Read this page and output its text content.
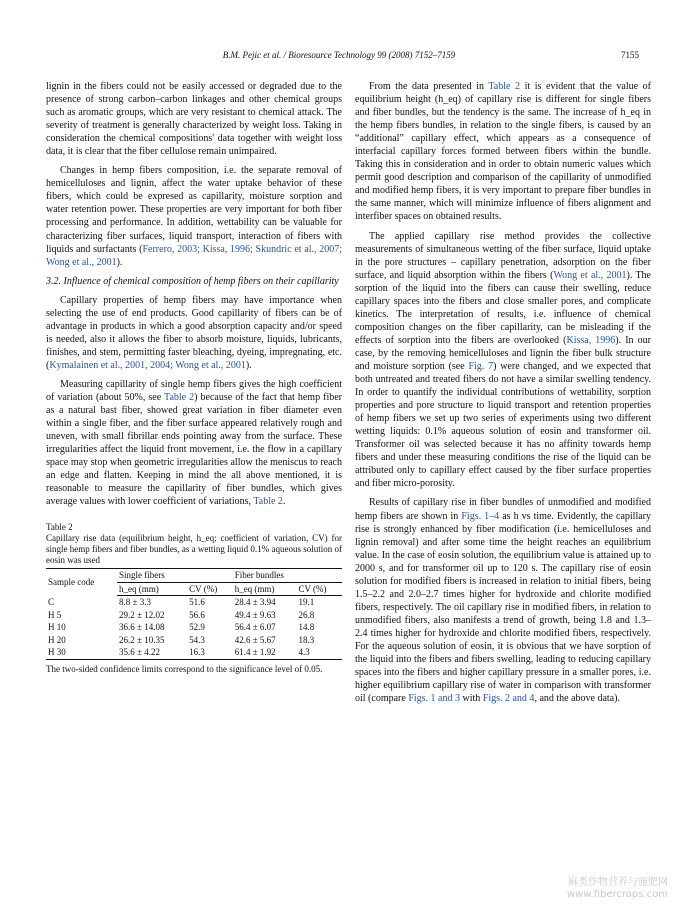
B.M. Pejic et al. / Bioresource Technology 99 (2008) 7152–7159	7155

lignin in the fibers could not be easily accessed or degraded due to the presence of strong carbon–carbon linkages and other chemical groups such as aromatic groups, which are very resistant to chemical attack. The severity of treatment is generally characterized by weight loss. Taking in consideration the chemical compositions' data together with weight loss data, it is clear that the fiber cellulose remain unimpaired.

Changes in hemp fibers composition, i.e. the separate removal of hemicelluloses and lignin, affect the water uptake behavior of these fibers, which could be expresed as capillarity, moisture sorption and water retention power. These properties are very important for both fiber processing and performance. In addition, wettability can be valuable for characterizing fiber surfaces, liquid transport, interaction of fibers with liquids and surfactants (Ferrero, 2003; Kissa, 1996; Skundric et al., 2007; Wong et al., 2001).

3.2. Influence of chemical composition of hemp fibers on their capillarity

Capillary properties of hemp fibers may have importance when selecting the use of end products. Good capillarity of fibers can be of advantage in products in which a good absorption capacity and/or speed is needed, also it allows the fiber to absorb moisture, liquids, lubricants, finishes, and stem, permitting faster bleaching, dyeing, impregnating, etc. (Kymalainen et al., 2001, 2004; Wong et al., 2001).

Measuring capillarity of single hemp fibers gives the high coefficient of variation (about 50%, see Table 2) because of the fact that hemp fiber as a natural bast fiber, showed great variation in fiber diameter even within a single fiber, and the fiber surface appeared relatively rough and uneven, with small fibrillar ends pointing away from the surface. These irregularities affect the liquid front movement, i.e. the flow in a capillary space may stop when geometric irregularities allow the meniscus to reach an edge and flatten. Keeping in mind the all above mentioned, it is reasonable to measure the capillarity of fiber bundles, which gives average values with lower coefficient of variations, Table 2.

Table 2
Capillary rise data (equilibrium height, h_eq; coefficient of variation, CV) for single hemp fibers and fiber bundles, as a wetting liquid 0.1% aqueous solution of eosin was used
Sample code	Single fibers		Fiber bundles	
	h_eq (mm)	CV (%)	h_eq (mm)	CV (%)
C	8.8 ± 3.3	51.6	28.4 ± 3.94	19.1
H 5	29.2 ± 12.02	56.6	49.4 ± 9.63	26.8
H 10	36.6 ± 14.08	52.9	56.4 ± 6.07	14.8
H 20	26.2 ± 10.35	54.3	42.6 ± 5.67	18.3
H 30	35.6 ± 4.22	16.3	61.4 ± 1.92	4.3
The two-sided confidence limits correspond to the significance level of 0.05.

From the data presented in Table 2 it is evident that the value of equilibrium height (h_eq) of capillary rise is different for single fibers and fiber bundles, but the tendency is the same. The increase of h_eq in the hemp fibers bundles, in relation to the single fibers, is caused by an “additional” capillary effect, which appears as a consequence of interfacial capillary forces formed between fibers within the bundle. Taking this in consideration and in order to obtain numeric values which permit good description and comparison of the capillarity of unmodified and modified hemp fibers, it is very important to prepare fiber bundles in the same manner, which will minimize influence of fibers alignment and interfiber spaces on obtained results.

The applied capillary rise method provides the collective measurements of simultaneous wetting of the fiber surface, liquid uptake in the pore structures – capillary penetration, adsorption on the fiber surface, and liquid absorption within the fibers (Wong et al., 2001). The sorption of the liquid into the fibers can cause their swelling, reduce capillary spaces into the fibers and close smaller pores, and complicate kinetics. The interpretation of results, i.e. influence of chemical composition changes on the fiber capillarity, can be misleading if the effects of sorption into the fibers are overlooked (Kissa, 1996). In our case, by the removing hemicelluloses and lignin the fiber bulk structure and moisture sorption (see Fig. 7) were changed, and we expected that both untreated and treated fibers do not have a similar swelling tendency. In order to quantify the individual contributions of wettability, sorption properties and pore structure to liquid transport and retention properties of hemp fibers we set up two series of experiments using two different wetting liquids: 0.1% aqueous solution of eosin and transformer oil. Transformer oil was selected because it has no affinity towards hemp fibers and under these measuring conditions the rise of the liquid can be attributed only to capillary effect caused by the fiber surface properties and fiber micro-porosity.

Results of capillary rise in fiber bundles of unmodified and modified hemp fibers are shown in Figs. 1–4 as h vs time. Evidently, the capillary rise is strongly enhanced by fiber modification (i.e. hemicelluloses and lignin removal) and after some time the height reaches an equilibrium value. In the case of eosin solution, the equilibrium value is attained up to 2000 s, and for transformer oil up to 120 s. The capillary rise of eosin solution for modified fibers is increased in relation to initial fibers, being 1.5–2.2 and 2.0–2.7 times higher for hydroxide and chlorite modified fibers, respectively. The oil capillary rise in modified fibers, in relation to unmodified fibers, also manifests a trend of growth, being 1.8 and 1.3–2.4 times higher for hydroxide and chlorite modified fibers, respectively. For the aqueous solution of eosin, it is obvious that we have sorption of the liquid into the fibers and fibers swelling, leading to reducing capillary spaces into the fibers and higher capillary pressure in a smaller pores, i.e. higher equilibrium capillary rise of water in comparison with transformer oil (compare Figs. 1 and 3 with Figs. 2 and 4, and the above data).

麻类作物营养与施肥网
www.fibercrops.com
